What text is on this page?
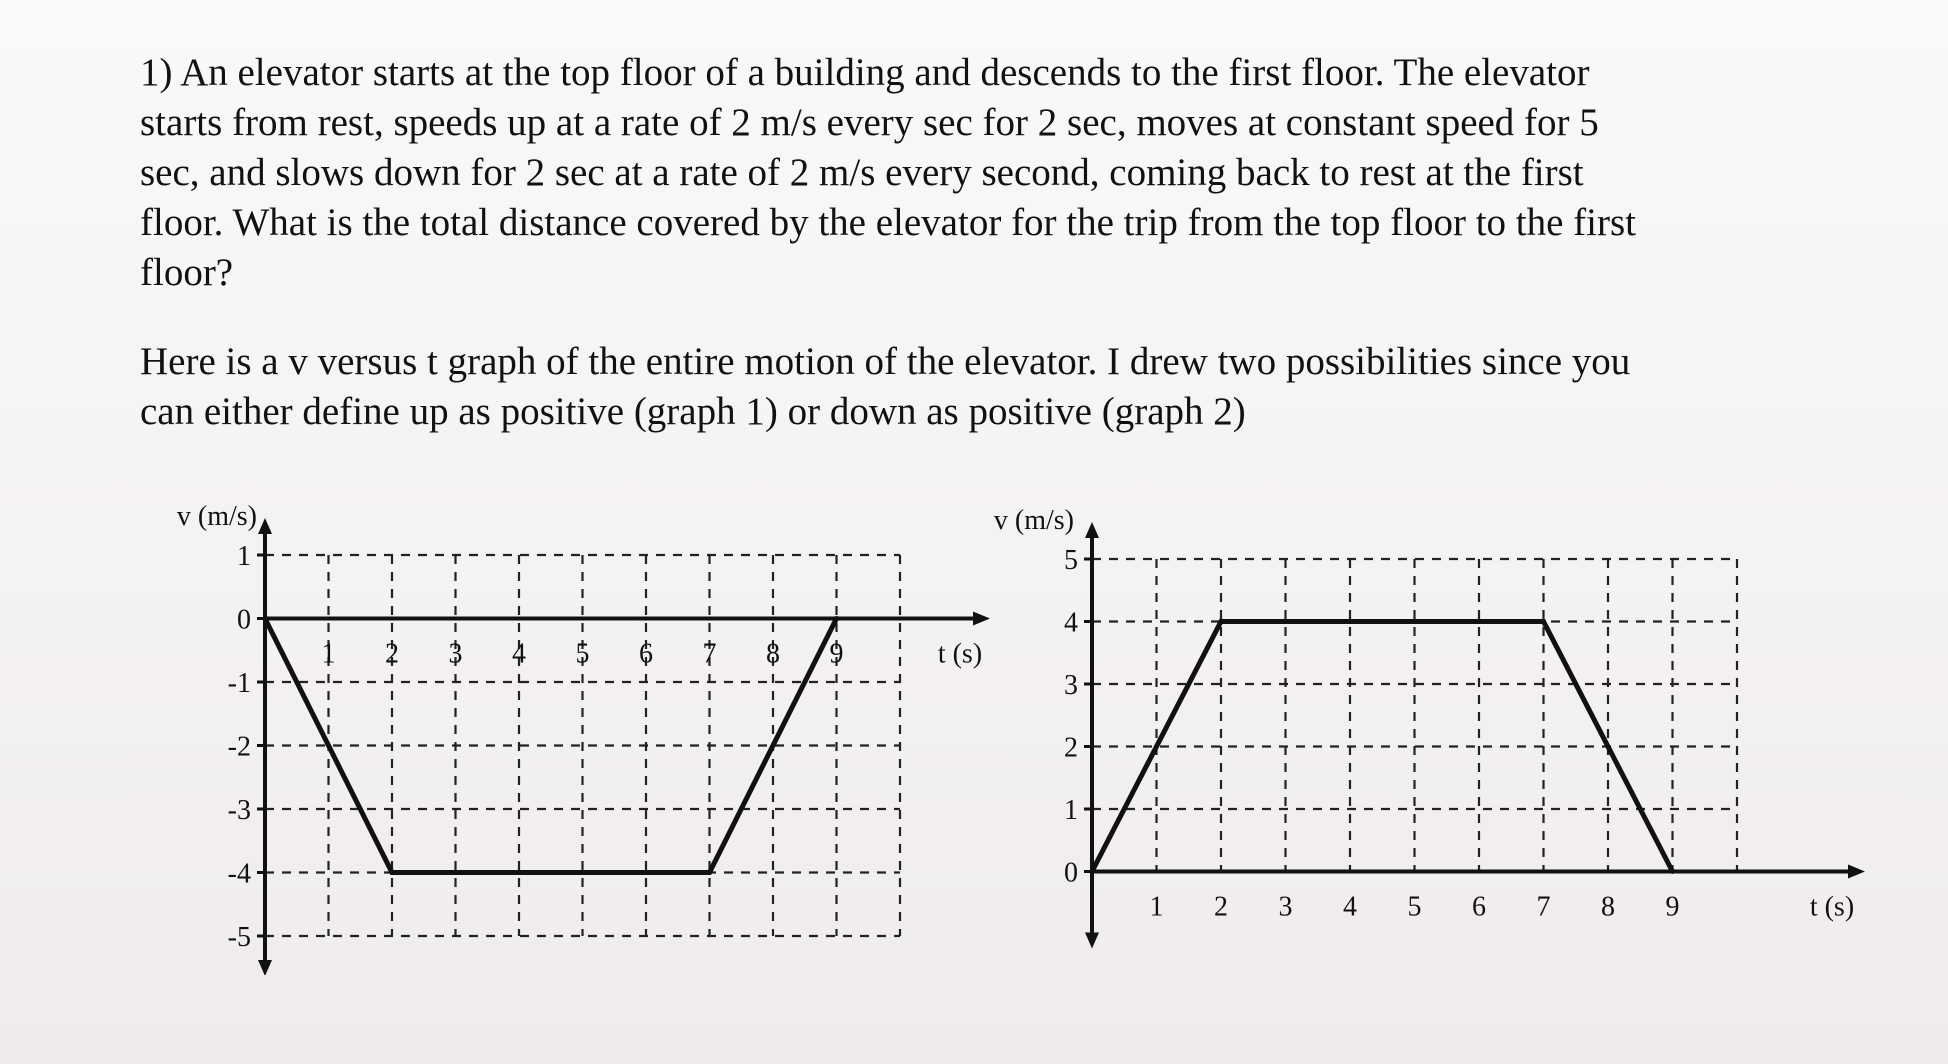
1) An elevator starts at the top floor of a building and descends to the first floor. The elevator
starts from rest, speeds up at a rate of 2 m/s every sec for 2 sec, moves at constant speed for 5
sec, and slows down for 2 sec at a rate of 2 m/s every second, coming back to rest at the first
floor. What is the total distance covered by the elevator for the trip from the top floor to the first
floor?

Here is a v versus t graph of the entire motion of the elevator. I drew two possibilities since you
can either define up as positive (graph 1) or down as positive (graph 2)

1
0
-1
-2
-3
-4
-5
1 2 3 4 5 6 7 8 9
v (m/s)
t (s)
5
4
3
2
1
0
1 2 3 4 5 6 7 8 9
v (m/s)
t (s)
